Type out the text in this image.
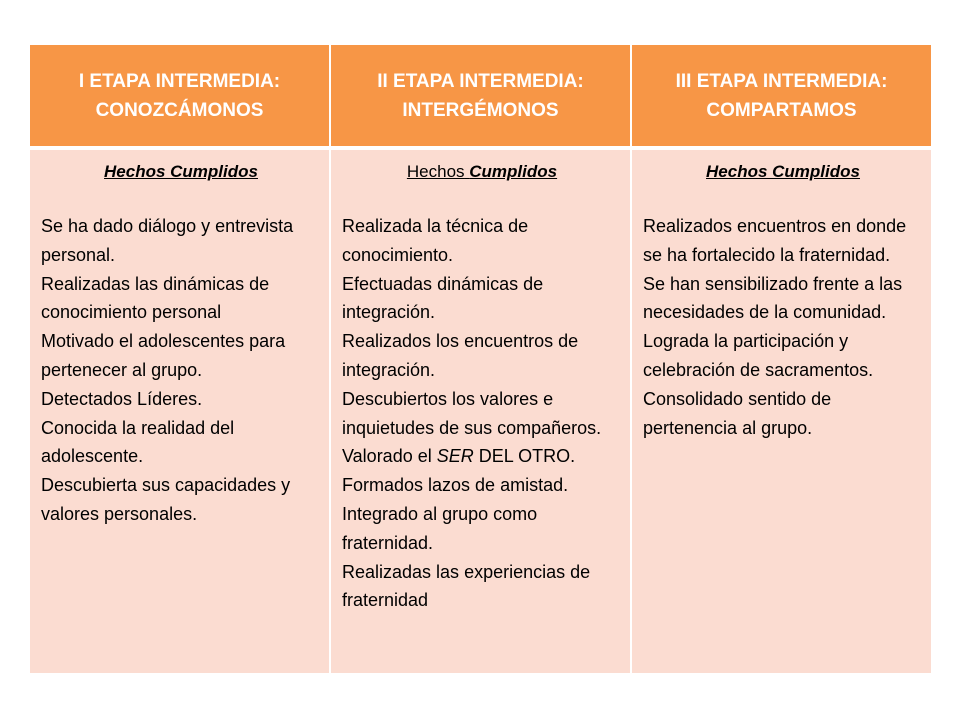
I ETAPA INTERMEDIA:
CONOZCÁMONOS
II ETAPA INTERMEDIA:
INTERGÉMONOS
III ETAPA INTERMEDIA:
COMPARTAMOS
Hechos Cumplidos
Se ha dado diálogo y entrevista personal.
Realizadas las dinámicas de conocimiento personal
Motivado el adolescentes para pertenecer al grupo.
Detectados Líderes.
Conocida la realidad del adolescente.
Descubierta sus capacidades y valores personales.
Hechos Cumplidos
Realizada la técnica de conocimiento.
Efectuadas dinámicas de integración.
Realizados los encuentros de integración.
Descubiertos los valores e inquietudes de sus compañeros.
Valorado el SER DEL OTRO.
Formados lazos de amistad.
Integrado al grupo como fraternidad.
Realizadas las experiencias de fraternidad
Hechos Cumplidos
Realizados encuentros en donde se ha fortalecido la fraternidad.
Se han sensibilizado frente a las necesidades de la comunidad.
Lograda la participación y celebración de sacramentos.
Consolidado sentido de pertenencia al grupo.
